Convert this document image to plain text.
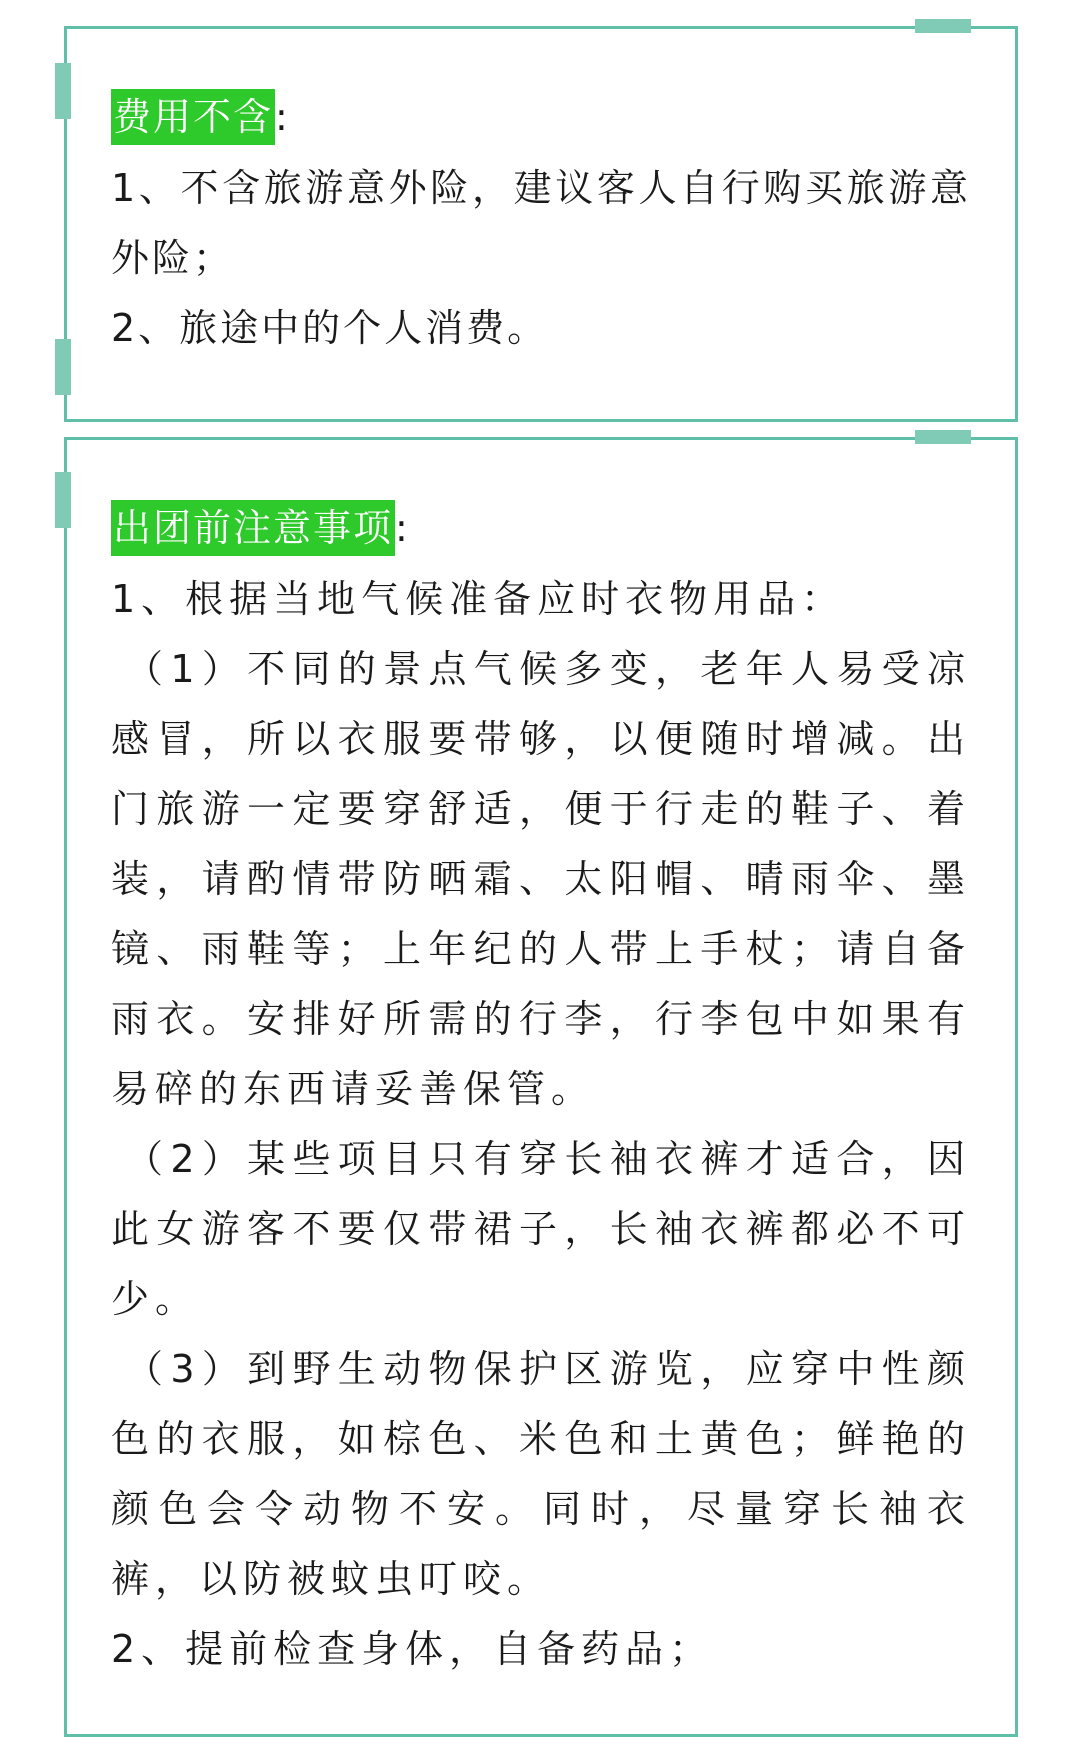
费用不含:

1、不含旅游意外险，建议客人自行购买旅游意外险；

2、旅途中的个人消费。

出团前注意事项:

1、根据当地气候准备应时衣物用品：

（1）不同的景点气候多变，老年人易受凉感冒，所以衣服要带够，以便随时增减。出门旅游一定要穿舒适，便于行走的鞋子、着装，请酌情带防晒霜、太阳帽、晴雨伞、墨镜、雨鞋等；上年纪的人带上手杖；请自备雨衣。安排好所需的行李，行李包中如果有易碎的东西请妥善保管。

（2）某些项目只有穿长袖衣裤才适合，因此女游客不要仅带裙子，长袖衣裤都必不可少。

（3）到野生动物保护区游览，应穿中性颜色的衣服，如棕色、米色和土黄色；鲜艳的颜色会令动物不安。同时，尽量穿长袖衣裤，以防被蚊虫叮咬。

2、提前检查身体，自备药品；
